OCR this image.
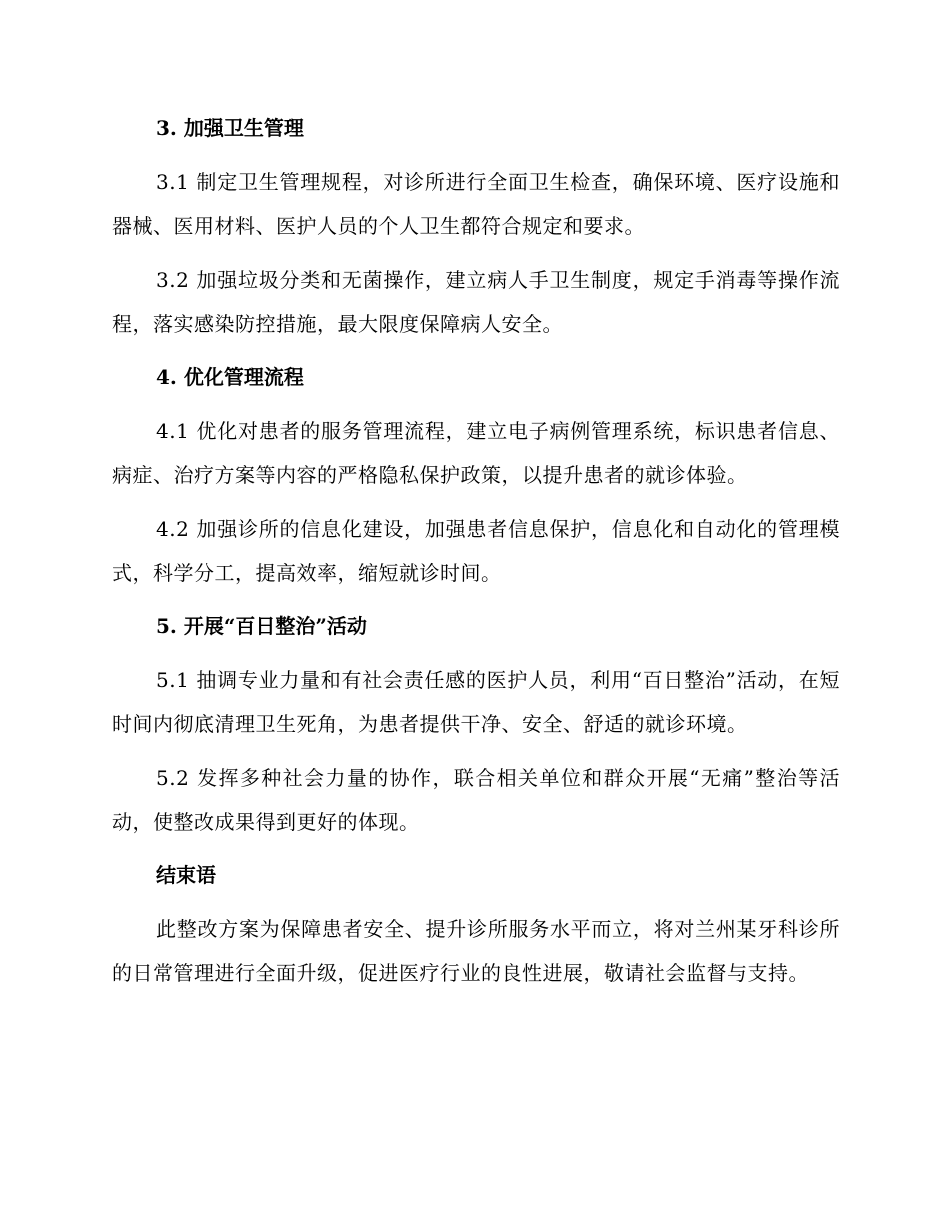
3. 加强卫生管理

3.1 制定卫生管理规程，对诊所进行全面卫生检查，确保环境、医疗设施和器械、医用材料、医护人员的个人卫生都符合规定和要求。

3.2 加强垃圾分类和无菌操作，建立病人手卫生制度，规定手消毒等操作流程，落实感染防控措施，最大限度保障病人安全。

4. 优化管理流程

4.1 优化对患者的服务管理流程，建立电子病例管理系统，标识患者信息、病症、治疗方案等内容的严格隐私保护政策，以提升患者的就诊体验。

4.2 加强诊所的信息化建设，加强患者信息保护，信息化和自动化的管理模式，科学分工，提高效率，缩短就诊时间。

5. 开展“百日整治”活动

5.1 抽调专业力量和有社会责任感的医护人员，利用“百日整治”活动，在短时间内彻底清理卫生死角，为患者提供干净、安全、舒适的就诊环境。

5.2 发挥多种社会力量的协作，联合相关单位和群众开展“无痛”整治等活动，使整改成果得到更好的体现。

结束语

此整改方案为保障患者安全、提升诊所服务水平而立，将对兰州某牙科诊所的日常管理进行全面升级，促进医疗行业的良性进展，敬请社会监督与支持。
